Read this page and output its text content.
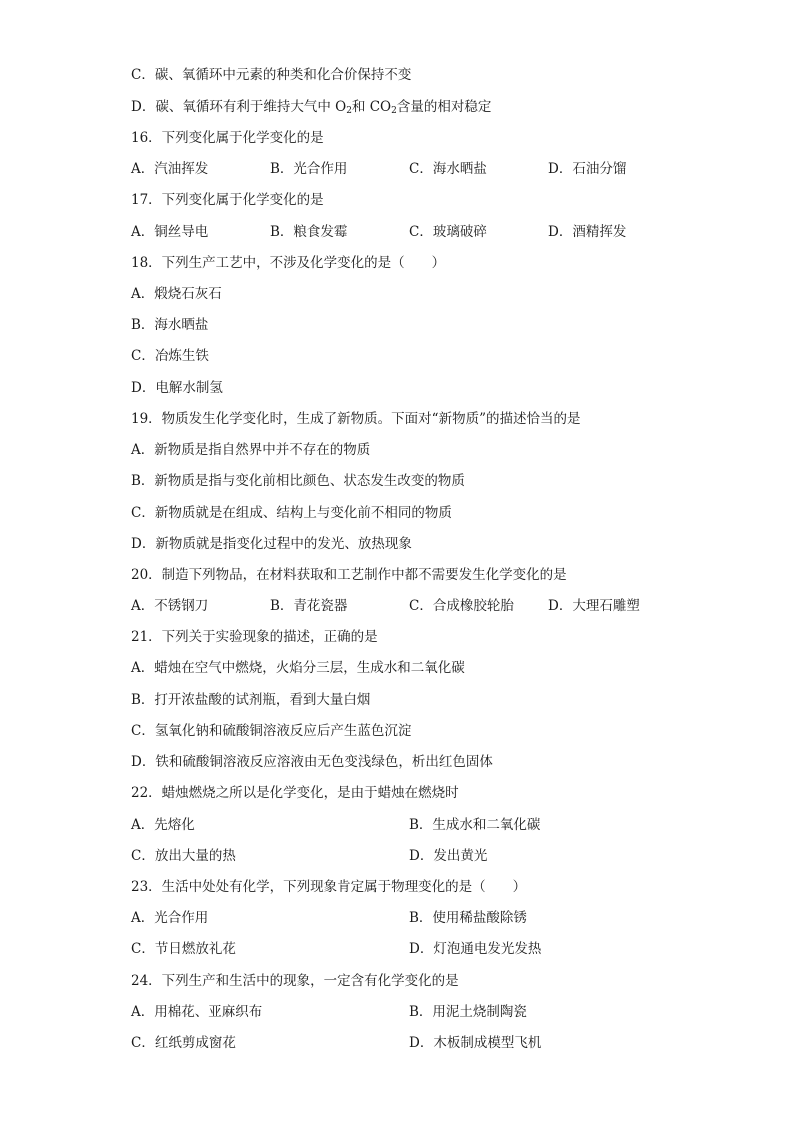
C．碳、氧循环中元素的种类和化合价保持不变
D．碳、氧循环有利于维持大气中 $O_2$和 $CO_2$含量的相对稳定
16．下列变化属于化学变化的是
A．汽油挥发	B．光合作用	C．海水晒盐	D．石油分馏
17．下列变化属于化学变化的是
A．铜丝导电	B．粮食发霉	C．玻璃破碎	D．酒精挥发
18．下列生产工艺中，不涉及化学变化的是（　　）
A．煅烧石灰石
B．海水晒盐
C．冶炼生铁
D．电解水制氢
19．物质发生化学变化时，生成了新物质。下面对“新物质”的描述恰当的是
A．新物质是指自然界中并不存在的物质
B．新物质是指与变化前相比颜色、状态发生改变的物质
C．新物质就是在组成、结构上与变化前不相同的物质
D．新物质就是指变化过程中的发光、放热现象
20．制造下列物品，在材料获取和工艺制作中都不需要发生化学变化的是
A．不锈钢刀	B．青花瓷器	C．合成橡胶轮胎	D．大理石雕塑
21．下列关于实验现象的描述，正确的是
A．蜡烛在空气中燃烧，火焰分三层，生成水和二氧化碳
B．打开浓盐酸的试剂瓶，看到大量白烟
C．氢氧化钠和硫酸铜溶液反应后产生蓝色沉淀
D．铁和硫酸铜溶液反应溶液由无色变浅绿色，析出红色固体
22．蜡烛燃烧之所以是化学变化，是由于蜡烛在燃烧时
A．先熔化	B．生成水和二氧化碳
C．放出大量的热	D．发出黄光
23．生活中处处有化学，下列现象肯定属于物理变化的是（　　）
A．光合作用	B．使用稀盐酸除锈
C．节日燃放礼花	D．灯泡通电发光发热
24．下列生产和生活中的现象，一定含有化学变化的是
A．用棉花、亚麻织布	B．用泥土烧制陶瓷
C．红纸剪成窗花	D．木板制成模型飞机
